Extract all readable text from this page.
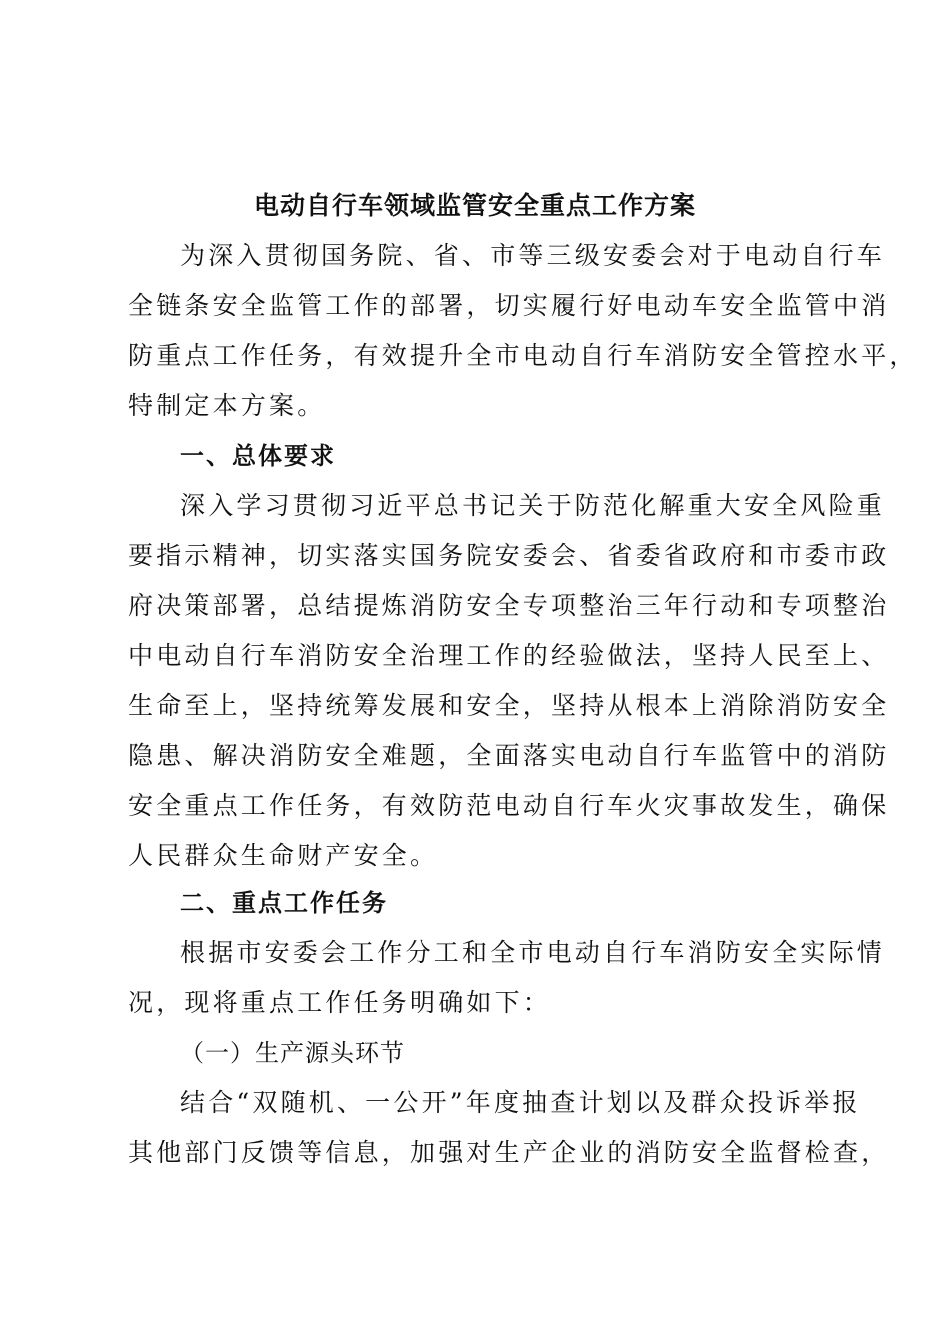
电动自行车领域监管安全重点工作方案
为深入贯彻国务院、省、市等三级安委会对于电动自行车
全链条安全监管工作的部署，切实履行好电动车安全监管中消
防重点工作任务，有效提升全市电动自行车消防安全管控水平，
特制定本方案。
一、总体要求
深入学习贯彻习近平总书记关于防范化解重大安全风险重
要指示精神，切实落实国务院安委会、省委省政府和市委市政
府决策部署，总结提炼消防安全专项整治三年行动和专项整治
中电动自行车消防安全治理工作的经验做法，坚持人民至上、
生命至上，坚持统筹发展和安全，坚持从根本上消除消防安全
隐患、解决消防安全难题，全面落实电动自行车监管中的消防
安全重点工作任务，有效防范电动自行车火灾事故发生，确保
人民群众生命财产安全。
二、重点工作任务
根据市安委会工作分工和全市电动自行车消防安全实际情
况，现将重点工作任务明确如下：
（一）生产源头环节
结合“双随机、一公开”年度抽查计划以及群众投诉举报
其他部门反馈等信息，加强对生产企业的消防安全监督检查，
